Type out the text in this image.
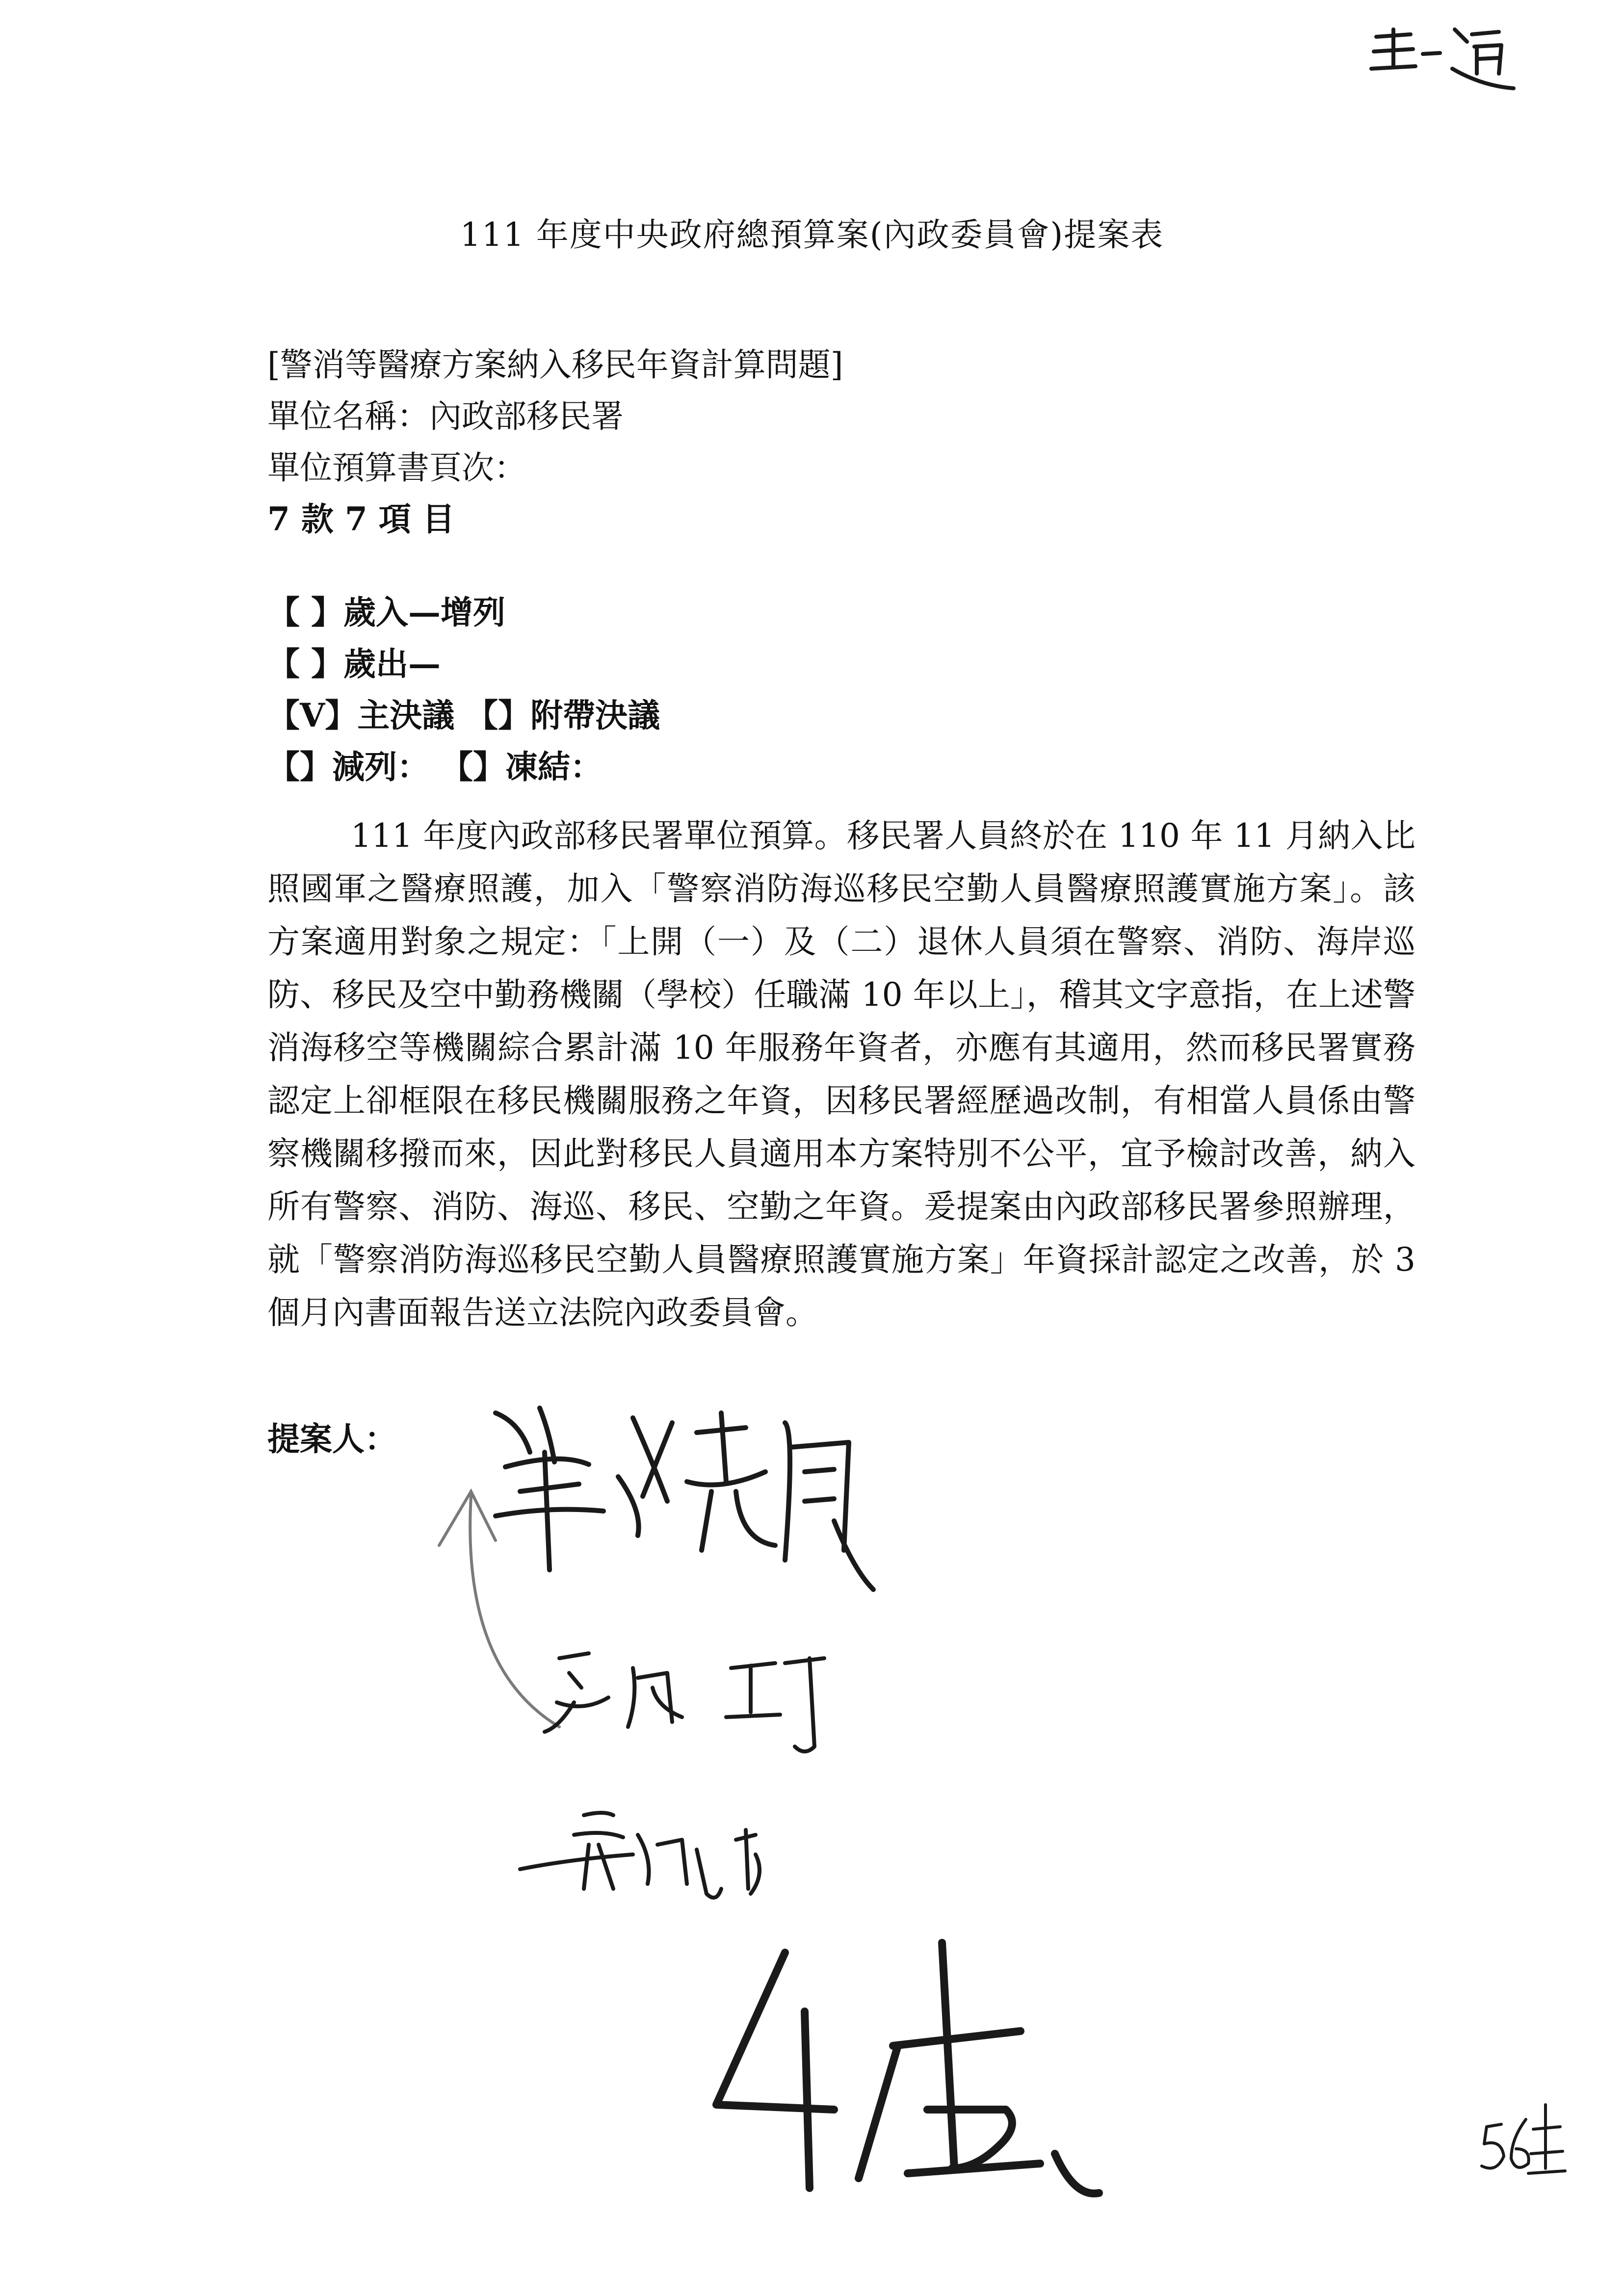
111 年度中央政府總預算案(內政委員會)提案表
[警消等醫療方案納入移民年資計算問題]
單位名稱：內政部移民署
單位預算書頁次：
7 款 7 項 目
【 】歲入—增列
【 】歲出—
【V】主決議 【】附帶決議
【】減列： 【】凍結：
111 年度內政部移民署單位預算。移民署人員終於在 110 年 11 月納入比照國軍之醫療照護，加入「警察消防海巡移民空勤人員醫療照護實施方案」。該方案適用對象之規定：「上開（一）及（二）退休人員須在警察、消防、海岸巡防、移民及空中勤務機關（學校）任職滿 10 年以上」，稽其文字意指，在上述警消海移空等機關綜合累計滿 10 年服務年資者，亦應有其適用，然而移民署實務認定上卻框限在移民機關服務之年資，因移民署經歷過改制，有相當人員係由警察機關移撥而來，因此對移民人員適用本方案特別不公平，宜予檢討改善，納入所有警察、消防、海巡、移民、空勤之年資。爰提案由內政部移民署參照辦理，就「警察消防海巡移民空勤人員醫療照護實施方案」年資採計認定之改善，於 3 個月內書面報告送立法院內政委員會。
提案人：
